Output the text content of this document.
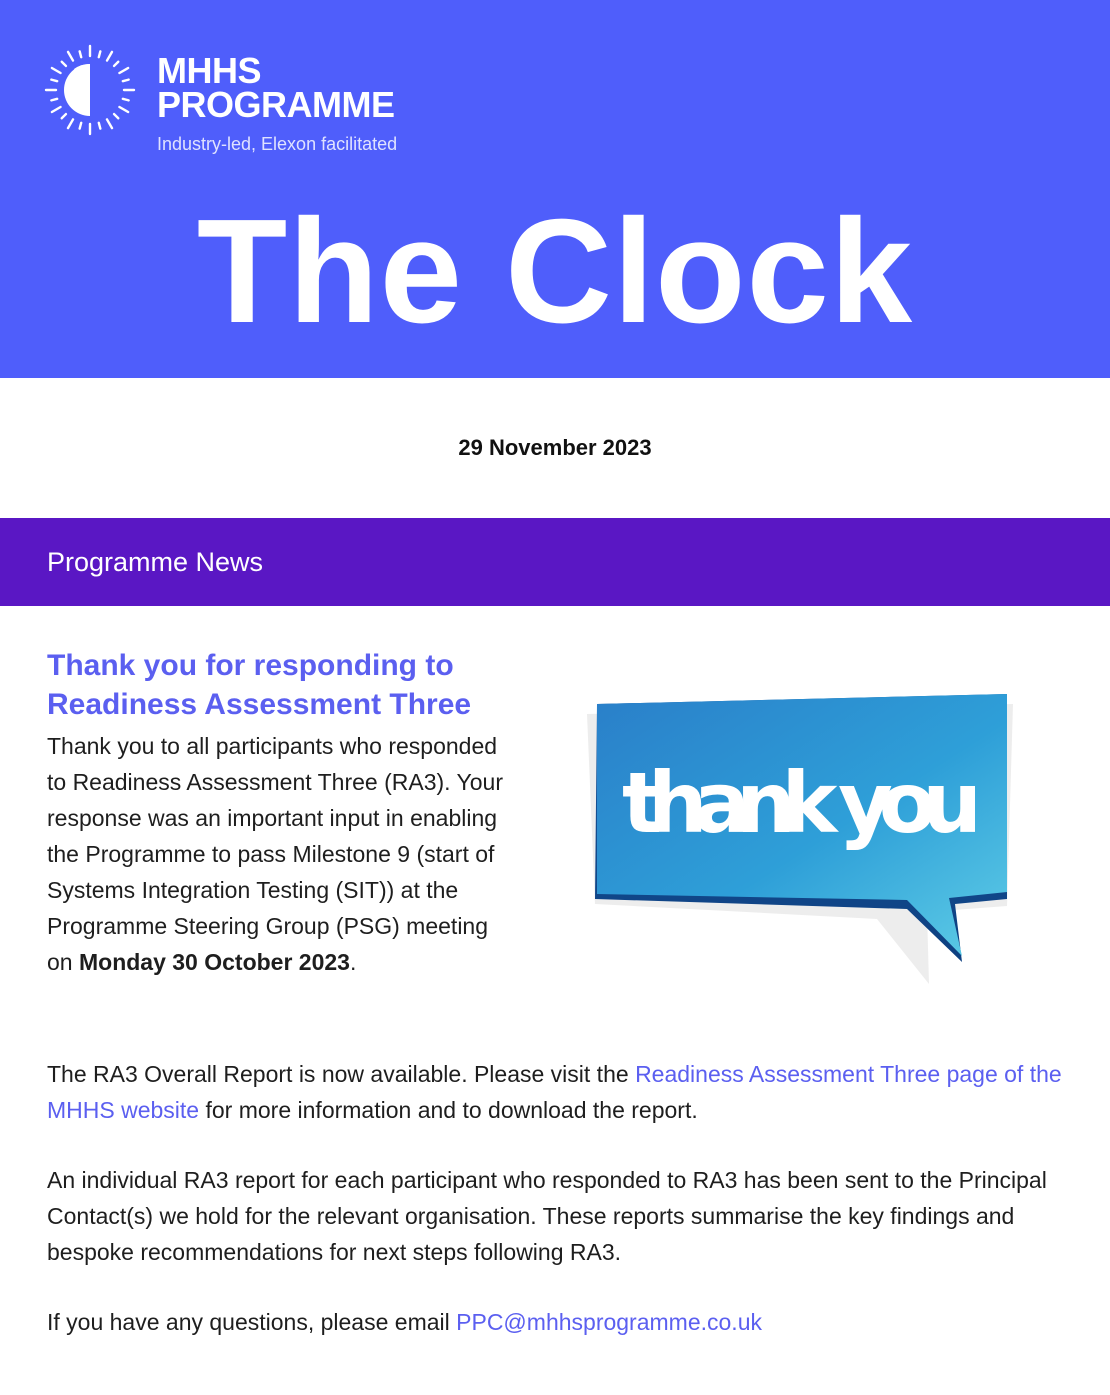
MHHS
PROGRAMME
Industry-led, Elexon facilitated
The Clock
29 November 2023
Programme News
Thank you for responding to Readiness Assessment Three

Thank you to all participants who responded to Readiness Assessment Three (RA3). Your response was an important input in enabling the Programme to pass Milestone 9 (start of Systems Integration Testing (SIT)) at the Programme Steering Group (PSG) meeting on Monday 30 October 2023.

thank you

The RA3 Overall Report is now available. Please visit the Readiness Assessment Three page of the MHHS website for more information and to download the report.

An individual RA3 report for each participant who responded to RA3 has been sent to the Principal Contact(s) we hold for the relevant organisation. These reports summarise the key findings and bespoke recommendations for next steps following RA3.

If you have any questions, please email PPC@mhhsprogramme.co.uk
